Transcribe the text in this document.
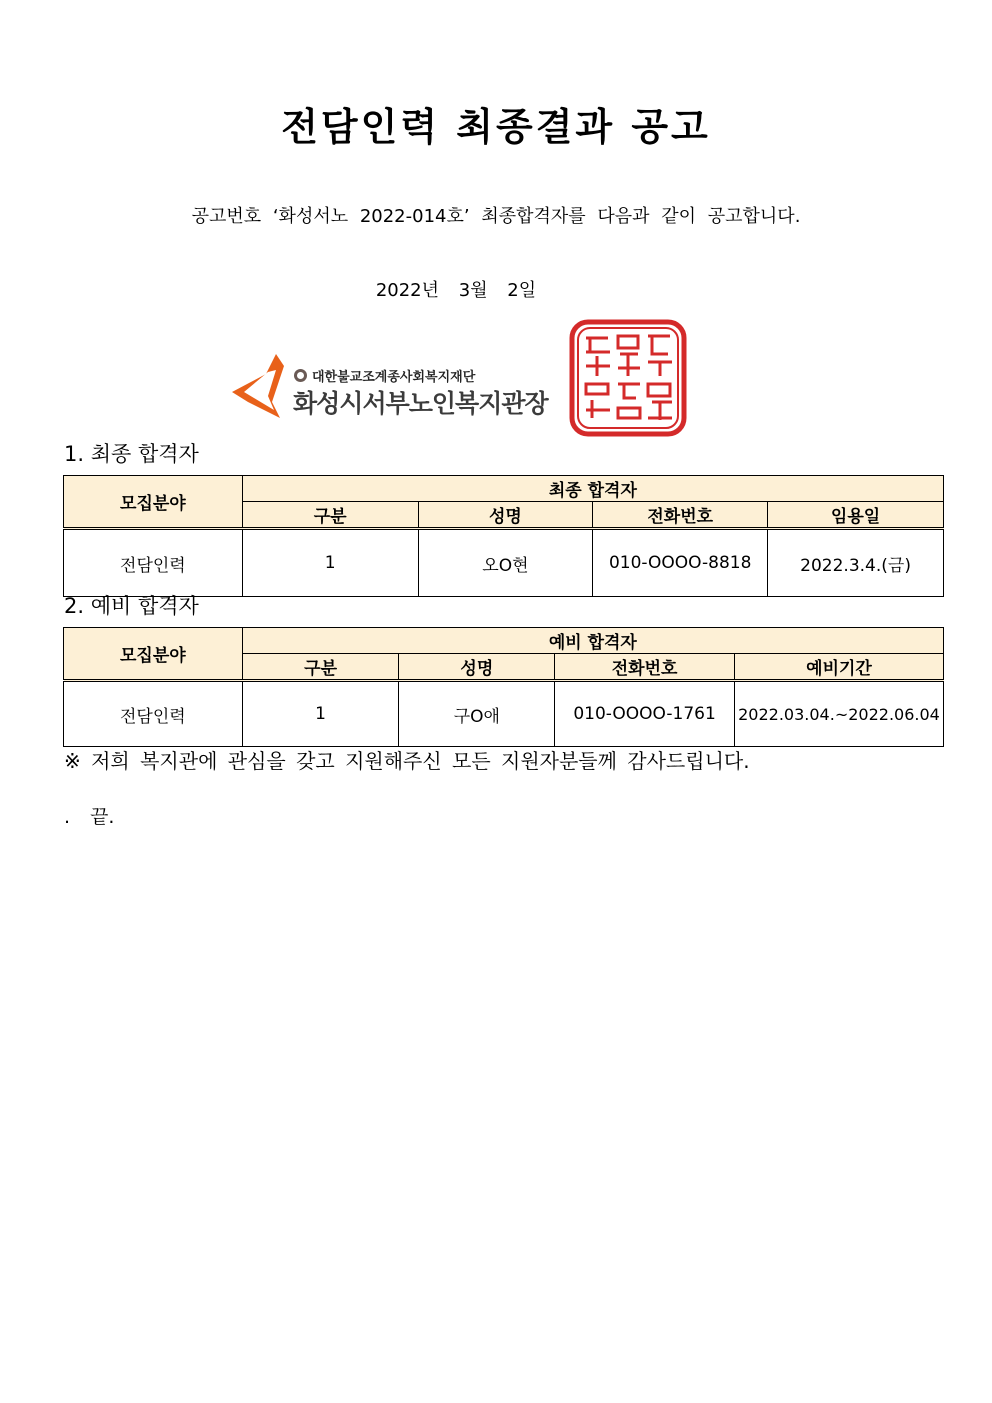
전담인력 최종결과 공고
공고번호 ‘화성서노 2022-014호’ 최종합격자를 다음과 같이 공고합니다.
2022년 3월 2일
대한불교조계종사회복지재단
화성시서부노인복지관장
1. 최종 합격자
모집분야	최종 합격자			
	구분	성명	전화번호	임용일
전담인력	1	오O현	010-OOOO-8818	2022.3.4.(금)
2. 예비 합격자
모집분야	예비 합격자			
	구분	성명	전화번호	예비기간
전담인력	1	구O애	010-OOOO-1761	2022.03.04.~2022.06.04
※ 저희 복지관에 관심을 갖고 지원해주신 모든 지원자분들께 감사드립니다.
. 끝.
